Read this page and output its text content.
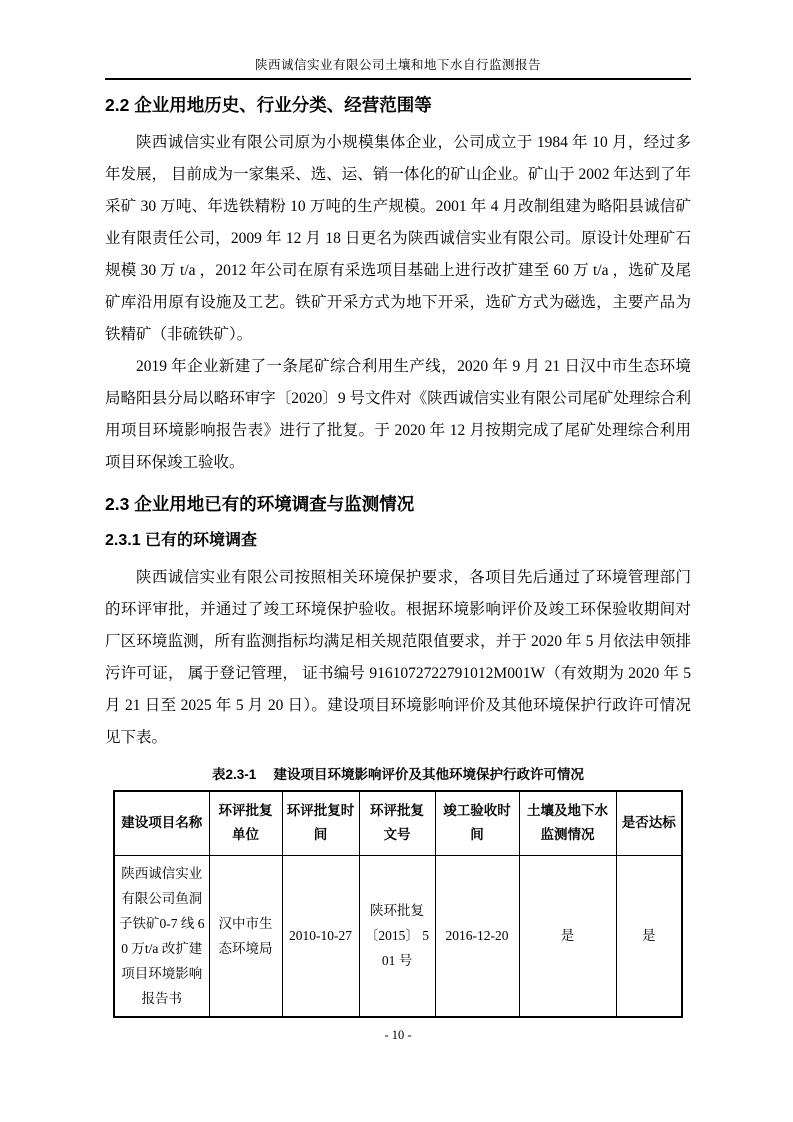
陕西诚信实业有限公司土壤和地下水自行监测报告
2.2 企业用地历史、行业分类、经营范围等

陕西诚信实业有限公司原为小规模集体企业，公司成立于 1984 年 10 月，经过多年发展， 目前成为一家集采、选、运、销一体化的矿山企业。矿山于 2002 年达到了年采矿 30 万吨、年选铁精粉 10 万吨的生产规模。2001 年 4 月改制组建为略阳县诚信矿业有限责任公司，2009 年 12 月 18 日更名为陕西诚信实业有限公司。原设计处理矿石规模 30 万 t/a ，2012 年公司在原有采选项目基础上进行改扩建至 60 万 t/a ，选矿及尾矿库沿用原有设施及工艺。铁矿开采方式为地下开采，选矿方式为磁选，主要产品为铁精矿（非硫铁矿）。

2019 年企业新建了一条尾矿综合利用生产线，2020 年 9 月 21 日汉中市生态环境局略阳县分局以略环审字〔2020〕9 号文件对《陕西诚信实业有限公司尾矿处理综合利用项目环境影响报告表》进行了批复。于 2020 年 12 月按期完成了尾矿处理综合利用项目环保竣工验收。

2.3 企业用地已有的环境调查与监测情况
2.3.1 已有的环境调查

陕西诚信实业有限公司按照相关环境保护要求，各项目先后通过了环境管理部门的环评审批，并通过了竣工环境保护验收。根据环境影响评价及竣工环保验收期间对厂区环境监测，所有监测指标均满足相关规范限值要求，并于 2020 年 5 月依法申领排污许可证， 属于登记管理， 证书编号 9161072722791012M001W（有效期为 2020 年 5 月 21 日至 2025 年 5 月 20 日）。建设项目环境影响评价及其他环境保护行政许可情况见下表。

表2.3-1　 建设项目环境影响评价及其他环境保护行政许可情况
建设项目名称	环评批复单位	环评批复时间	环评批复文号	竣工验收时间	土壤及地下水监测情况	是否达标
陕西诚信实业有限公司鱼洞子铁矿0-7 线 60 万t/a 改扩建项目环境影响报告书	汉中市生态环境局	2010-10-27	陕环批复〔2015〕 501 号	2016-12-20	是	是
- 10 -
